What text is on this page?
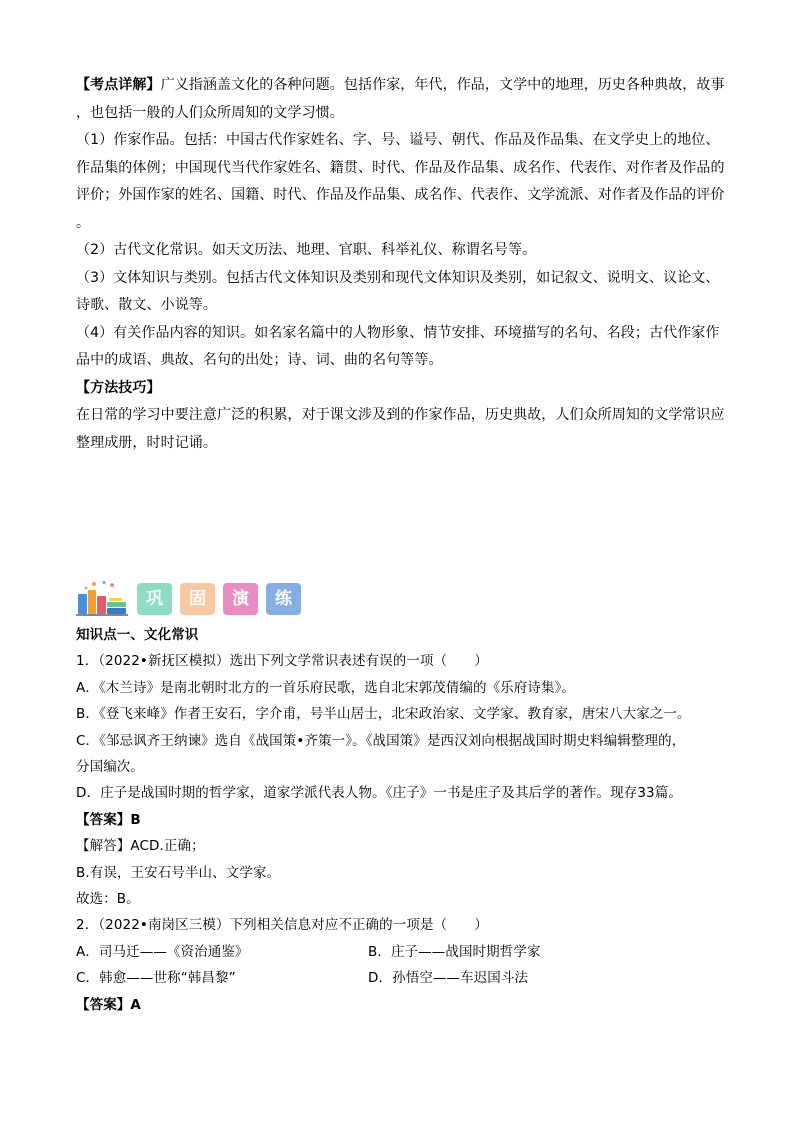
【考点详解】广义指涵盖文化的各种问题。包括作家，年代，作品，文学中的地理，历史各种典故，故事
，也包括一般的人们众所周知的文学习惯。
（1）作家作品。包括：中国古代作家姓名、字、号、谥号、朝代、作品及作品集、在文学史上的地位、
作品集的体例；中国现代当代作家姓名、籍贯、时代、作品及作品集、成名作、代表作、对作者及作品的
评价；外国作家的姓名、国籍、时代、作品及作品集、成名作、代表作、文学流派、对作者及作品的评价
。
（2）古代文化常识。如天文历法、地理、官职、科举礼仪、称谓名号等。
（3）文体知识与类别。包括古代文体知识及类别和现代文体知识及类别，如记叙文、说明文、议论文、
诗歌、散文、小说等。
（4）有关作品内容的知识。如名家名篇中的人物形象、情节安排、环境描写的名句、名段；古代作家作
品中的成语、典故、名句的出处；诗、词、曲的名句等等。
【方法技巧】
在日常的学习中要注意广泛的积累，对于课文涉及到的作家作品，历史典故，人们众所周知的文学常识应
整理成册，时时记诵。
巩	固	演	练
知识点一、文化常识
1．（2022•新抚区模拟）选出下列文学常识表述有误的一项（　　）
A．《木兰诗》是南北朝时北方的一首乐府民歌，选自北宋郭茂倩编的《乐府诗集》。
B．《登飞来峰》作者王安石，字介甫，号半山居士，北宋政治家、文学家、教育家，唐宋八大家之一。
C．《邹忌讽齐王纳谏》选自《战国策•齐策一》。《战国策》是西汉刘向根据战国时期史料编辑整理的，
分国编次。
D．庄子是战国时期的哲学家，道家学派代表人物。《庄子》一书是庄子及其后学的著作。现存33篇。
【答案】B
【解答】ACD.正确；
B.有误，王安石号半山、文学家。
故选：B。
2．（2022•南岗区三模）下列相关信息对应不正确的一项是（　　）
A．司马迁——《资治通鉴》	B．庄子——战国时期哲学家
C．韩愈——世称“韩昌黎”	D．孙悟空——车迟国斗法
【答案】A
